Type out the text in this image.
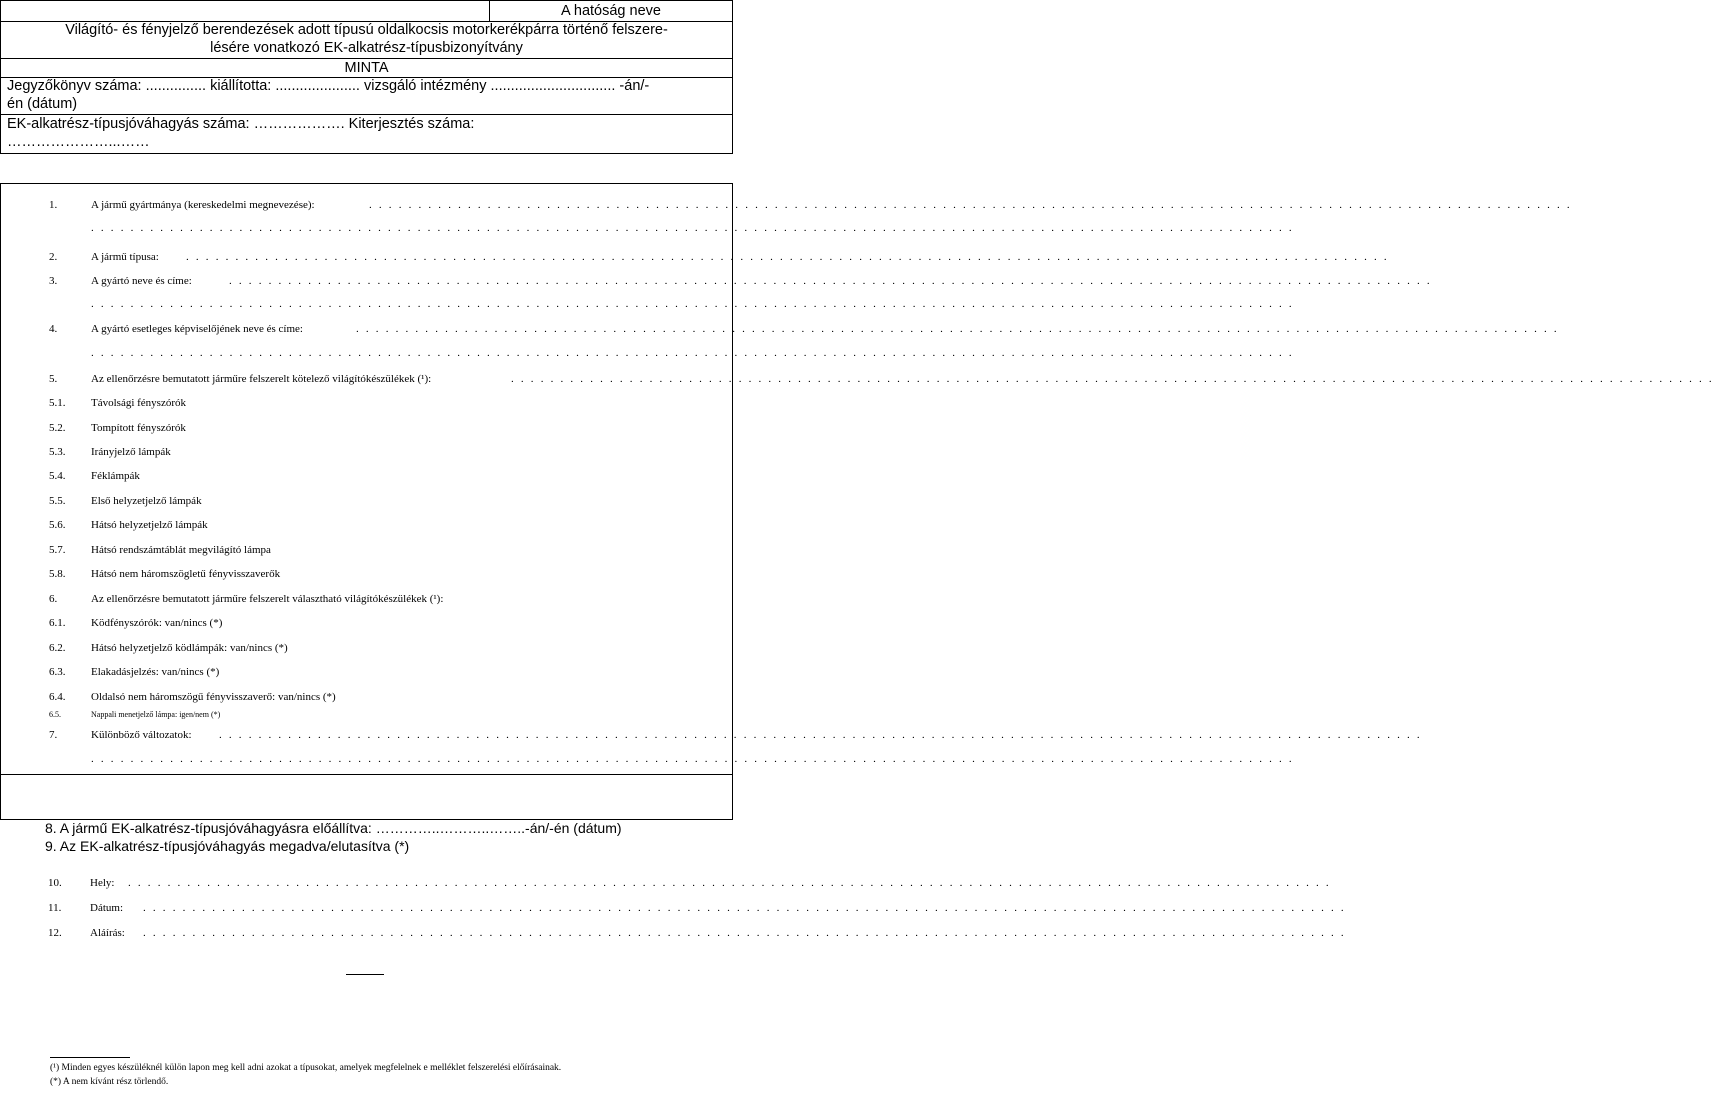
A hatóság neve
Világító- és fényjelző berendezések adott típusú oldalkocsis motorkerékpárra történő felszere-
lésére vonatkozó EK-alkatrész-típusbizonyítvány
MINTA
Jegyzőkönyv száma: ............... kiállította: ..................... vizsgáló intézmény ............................... -án/-
én (dátum)
EK-alkatrész-típusjóváhagyás száma: ………………. Kiterjesztés száma:
…………………...……
1.	A jármű gyártmánya (kereskedelmi megnevezése):	. . . . . . . . . . . . . . . . . . . . . . . . . . . . . . . . . . . . . . . . . . . . . . . . . . . . . . . . . . . . . . . . . . . . . . . . . . . . . . . . . . . . . . . . . . . . . . . . . . . . . . . . . . . . . . . . . . . . . . . . . .
. . . . . . . . . . . . . . . . . . . . . . . . . . . . . . . . . . . . . . . . . . . . . . . . . . . . . . . . . . . . . . . . . . . . . . . . . . . . . . . . . . . . . . . . . . . . . . . . . . . . . . . . . . . . . . . . . . . . . . . . . .
2.	A jármű típusa: . . . . . . . . . . . . . . . . . . . . . . . . . . . . . . . . . . . . . . . . . . . . . . . . . . . . . . . . . . . . . . . . . . . . . . . . . . . . . . . . . . . . . . . . . . . . . . . . . . . . . . . . . . . . . . . . . . . . . . . . . .
3.	A gyártó neve és címe:	. . . . . . . . . . . . . . . . . . . . . . . . . . . . . . . . . . . . . . . . . . . . . . . . . . . . . . . . . . . . . . . . . . . . . . . . . . . . . . . . . . . . . . . . . . . . . . . . . . . . . . . . . . . . . . . . . . . . . . . . . .
. . . . . . . . . . . . . . . . . . . . . . . . . . . . . . . . . . . . . . . . . . . . . . . . . . . . . . . . . . . . . . . . . . . . . . . . . . . . . . . . . . . . . . . . . . . . . . . . . . . . . . . . . . . . . . . . . . . . . . . . . .
4.	A gyártó esetleges képviselőjének neve és címe:	. . . . . . . . . . . . . . . . . . . . . . . . . . . . . . . . . . . . . . . . . . . . . . . . . . . . . . . . . . . . . . . . . . . . . . . . . . . . . . . . . . . . . . . . . . . . . . . . . . . . . . . . . . . . . . . . . . . . . . . . . .
. . . . . . . . . . . . . . . . . . . . . . . . . . . . . . . . . . . . . . . . . . . . . . . . . . . . . . . . . . . . . . . . . . . . . . . . . . . . . . . . . . . . . . . . . . . . . . . . . . . . . . . . . . . . . . . . . . . . . . . . . .
5.	Az ellenőrzésre bemutatott járműre felszerelt kötelező világítókészülékek (¹):	. . . . . . . . . . . . . . . . . . . . . . . . . . . . . . . . . . . . . . . . . . . . . . . . . . . . . . . . . . . . . . . . . . . . . . . . . . . . . . . . . . . . . . . . . . . . . . . . . . . . . . . . . . . . . . . . . . . . . . . . . .
5.1. Távolsági fényszórók
5.2. Tompított fényszórók
5.3. Irányjelző lámpák
5.4. Féklámpák
5.5. Első helyzetjelző lámpák
5.6. Hátsó helyzetjelző lámpák
5.7. Hátsó rendszámtáblát megvilágító lámpa
5.8. Hátsó nem háromszögletű fényvisszaverők
6.	Az ellenőrzésre bemutatott járműre felszerelt választható világítókészülékek (¹):
6.1. Ködfényszórók: van/nincs (*)
6.2. Hátsó helyzetjelző ködlámpák: van/nincs (*)
6.3. Elakadásjelzés: van/nincs (*)
6.4. Oldalsó nem háromszögű fényvisszaverő: van/nincs (*)
6.5.	Nappali menetjelző lámpa: igen/nem (*)
7.	Különböző változatok: . . . . . . . . . . . . . . . . . . . . . . . . . . . . . . . . . . . . . . . . . . . . . . . . . . . . . . . . . . . . . . . . . . . . . . . . . . . . . . . . . . . . . . . . . . . . . . . . . . . . . . . . . . . . . . . . . . . . . . . . . .
. . . . . . . . . . . . . . . . . . . . . . . . . . . . . . . . . . . . . . . . . . . . . . . . . . . . . . . . . . . . . . . . . . . . . . . . . . . . . . . . . . . . . . . . . . . . . . . . . . . . . . . . . . . . . . . . . . . . . . . . . .
8. A jármű EK-alkatrész-típusjóváhagyásra előállítva: …………..………..……..-án/-én (dátum)
9. Az EK-alkatrész-típusjóváhagyás megadva/elutasítva (*)
10.	Hely: . . . . . . . . . . . . . . . . . . . . . . . . . . . . . . . . . . . . . . . . . . . . . . . . . . . . . . . . . . . . . . . . . . . . . . . . . . . . . . . . . . . . . . . . . . . . . . . . . . . . . . . . . . . . . . . . . . . . . . . . . .
11.	Dátum: . . . . . . . . . . . . . . . . . . . . . . . . . . . . . . . . . . . . . . . . . . . . . . . . . . . . . . . . . . . . . . . . . . . . . . . . . . . . . . . . . . . . . . . . . . . . . . . . . . . . . . . . . . . . . . . . . . . . . . . . . .
12.	Aláírás: . . . . . . . . . . . . . . . . . . . . . . . . . . . . . . . . . . . . . . . . . . . . . . . . . . . . . . . . . . . . . . . . . . . . . . . . . . . . . . . . . . . . . . . . . . . . . . . . . . . . . . . . . . . . . . . . . . . . . . . . . .
(¹) Minden egyes készüléknél külön lapon meg kell adni azokat a típusokat, amelyek megfelelnek e melléklet felszerelési előírásainak.
(*) A nem kívánt rész törlendő.
